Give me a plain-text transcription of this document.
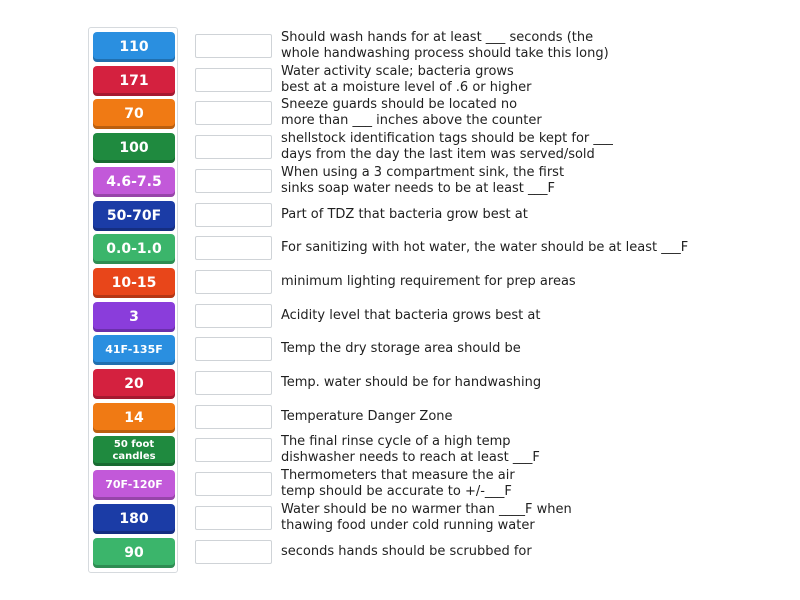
110
171
70
100
4.6-7.5
50-70F
0.0-1.0
10-15
3
41F-135F
20
14
50 foot
candles
70F-120F
180
90
Should wash hands for at least ___ seconds (the
whole handwashing process should take this long)
Water activity scale; bacteria grows
best at a moisture level of .6 or higher
Sneeze guards should be located no
more than ___ inches above the counter
shellstock identification tags should be kept for ___
days from the day the last item was served/sold
When using a 3 compartment sink, the first
sinks soap water needs to be at least ___F
Part of TDZ that bacteria grow best at
For sanitizing with hot water, the water should be at least ___F
minimum lighting requirement for prep areas
Acidity level that bacteria grows best at
Temp the dry storage area should be
Temp. water should be for handwashing
Temperature Danger Zone
The final rinse cycle of a high temp
dishwasher needs to reach at least ___F
Thermometers that measure the air
temp should be accurate to +/-___F
Water should be no warmer than ____F when
thawing food under cold running water
seconds hands should be scrubbed for
